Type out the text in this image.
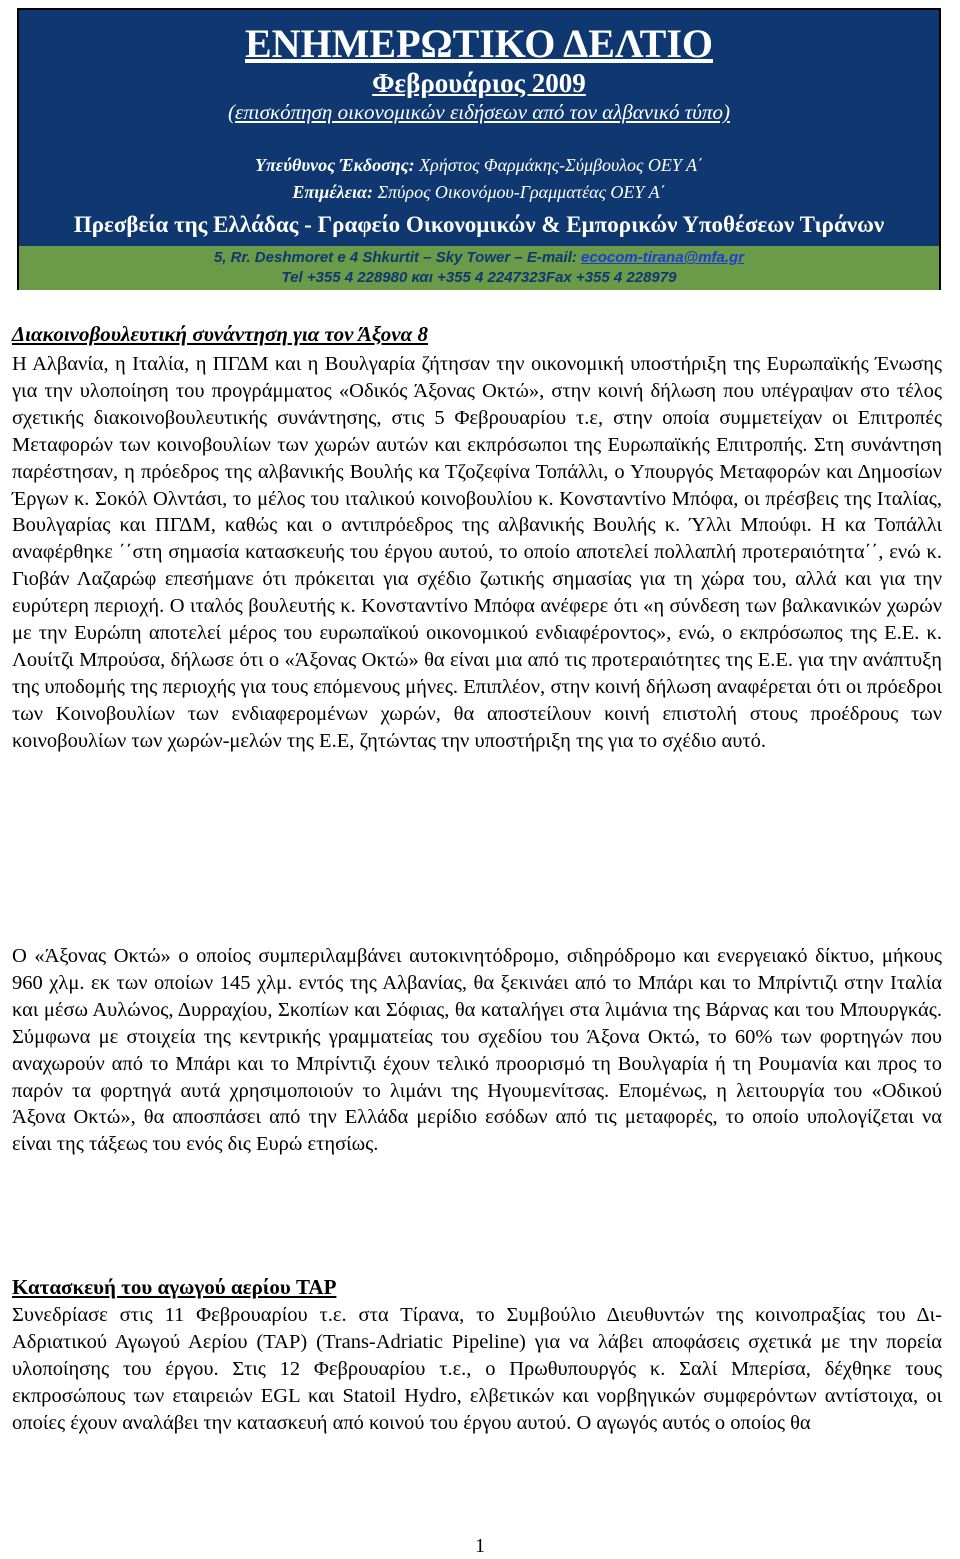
ΕΝΗΜΕΡΩΤΙΚΟ ΔΕΛΤΙΟ
Φεβρουάριος 2009
(επισκόπηση οικονομικών ειδήσεων από τον αλβανικό τύπο)
Υπεύθυνος Έκδοσης: Χρήστος Φαρμάκης-Σύμβουλος ΟΕΥ Α΄
Επιμέλεια: Σπύρος Οικονόμου-Γραμματέας ΟΕΥ Α΄
Πρεσβεία της Ελλάδας - Γραφείο Οικονομικών & Εμπορικών Υποθέσεων Τιράνων
5, Rr. Deshmoret e 4 Shkurtit – Sky Tower – E-mail: ecocom-tirana@mfa.gr
Tel +355 4 228980 και +355 4 2247323Fax +355 4 228979
Διακοινοβουλευτική συνάντηση για τον Άξονα 8
Η Αλβανία, η Ιταλία, η ΠΓΔΜ και η Βουλγαρία ζήτησαν την οικονομική υποστήριξη της Ευρωπαϊκής Ένωσης για την υλοποίηση του προγράμματος «Οδικός Άξονας Οκτώ», στην κοινή δήλωση που υπέγραψαν στο τέλος σχετικής διακοινοβουλευτικής συνάντησης, στις 5 Φεβρουαρίου τ.ε, στην οποία συμμετείχαν οι Επιτροπές Μεταφορών των κοινοβουλίων των χωρών αυτών και εκπρόσωποι της Ευρωπαϊκής Επιτροπής. Στη συνάντηση παρέστησαν, η πρόεδρος της αλβανικής Βουλής κα Τζοζεφίνα Τοπάλλι, ο Υπουργός Μεταφορών και Δημοσίων Έργων κ. Σοκόλ Ολντάσι, το μέλος του ιταλικού κοινοβουλίου κ. Κονσταντίνο Μπόφα, οι πρέσβεις της Ιταλίας, Βουλγαρίας και ΠΓΔΜ, καθώς και ο αντιπρόεδρος της αλβανικής Βουλής κ. Ύλλι Μπούφι. Η κα Τοπάλλι αναφέρθηκε ΄΄στη σημασία κατασκευής του έργου αυτού, το οποίο αποτελεί πολλαπλή προτεραιότητα΄΄, ενώ κ. Γιοβάν Λαζαρώφ επεσήμανε ότι πρόκειται για σχέδιο ζωτικής σημασίας για τη χώρα του, αλλά και για την ευρύτερη περιοχή. Ο ιταλός βουλευτής κ. Κονσταντίνο Μπόφα ανέφερε ότι «η σύνδεση των βαλκανικών χωρών με την Ευρώπη αποτελεί μέρος του ευρωπαϊκού οικονομικού ενδιαφέροντος», ενώ, ο εκπρόσωπος της Ε.Ε. κ. Λουίτζι Μπρούσα, δήλωσε ότι ο «Άξονας Οκτώ» θα είναι μια από τις προτεραιότητες της Ε.Ε. για την ανάπτυξη της υποδομής της περιοχής για τους επόμενους μήνες. Επιπλέον, στην κοινή δήλωση αναφέρεται ότι οι πρόεδροι των Κοινοβουλίων των ενδιαφερομένων χωρών, θα αποστείλουν κοινή επιστολή στους προέδρους των κοινοβουλίων των χωρών-μελών της Ε.Ε, ζητώντας την υποστήριξη της για το σχέδιο αυτό.
Ο «Άξονας Οκτώ» ο οποίος συμπεριλαμβάνει αυτοκινητόδρομο, σιδηρόδρομο και ενεργειακό δίκτυο, μήκους 960 χλμ. εκ των οποίων 145 χλμ. εντός της Αλβανίας, θα ξεκινάει από το Μπάρι και το Μπρίντιζι στην Ιταλία και μέσω Αυλώνος, Δυρραχίου, Σκοπίων και Σόφιας, θα καταλήγει στα λιμάνια της Βάρνας και του Μπουργκάς. Σύμφωνα με στοιχεία της κεντρικής γραμματείας του σχεδίου του Άξονα Οκτώ, το 60% των φορτηγών που αναχωρούν από το Μπάρι και το Μπρίντιζι έχουν τελικό προορισμό τη Βουλγαρία ή τη Ρουμανία και προς το παρόν τα φορτηγά αυτά χρησιμοποιούν το λιμάνι της Ηγουμενίτσας. Επομένως, η λειτουργία του «Οδικού Άξονα Οκτώ», θα αποσπάσει από την Ελλάδα μερίδιο εσόδων από τις μεταφορές, το οποίο υπολογίζεται να είναι της τάξεως του ενός δις Ευρώ ετησίως.
Κατασκευή του αγωγού αερίου TAP
Συνεδρίασε στις 11 Φεβρουαρίου τ.ε. στα Τίρανα, το Συμβούλιο Διευθυντών της κοινοπραξίας του Δι-Αδριατικού Αγωγού Αερίου (ΤΑΡ) (Trans-Adriatic Pipeline) για να λάβει αποφάσεις σχετικά με την πορεία υλοποίησης του έργου. Στις 12 Φεβρουαρίου τ.ε., ο Πρωθυπουργός κ. Σαλί Μπερίσα, δέχθηκε τους εκπροσώπους των εταιρειών EGL και Statoil Hydro, ελβετικών και νορβηγικών συμφερόντων αντίστοιχα, οι οποίες έχουν αναλάβει την κατασκευή από κοινού του έργου αυτού. Ο αγωγός αυτός ο οποίος θα
1
